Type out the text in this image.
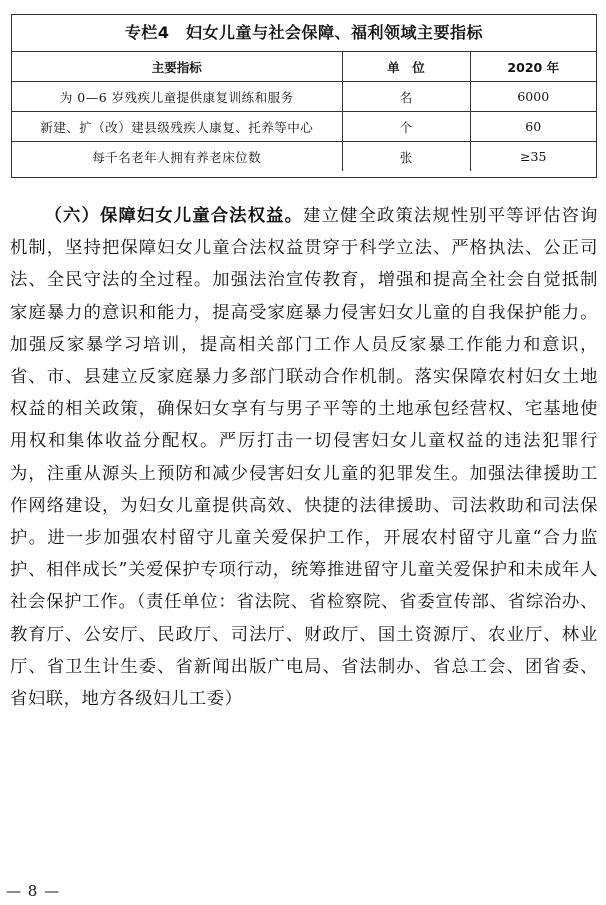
专栏4　妇女儿童与社会保障、福利领域主要指标
主要指标	单　位	2020 年
为 0—6 岁残疾儿童提供康复训练和服务	名	6000
新建、扩（改）建县级残疾人康复、托养等中心	个	60
每千名老年人拥有养老床位数	张	≥35

（六）保障妇女儿童合法权益。建立健全政策法规性别平等评估咨询机制，坚持把保障妇女儿童合法权益贯穿于科学立法、严格执法、公正司法、全民守法的全过程。加强法治宣传教育，增强和提高全社会自觉抵制家庭暴力的意识和能力，提高受家庭暴力侵害妇女儿童的自我保护能力。加强反家暴学习培训，提高相关部门工作人员反家暴工作能力和意识，省、市、县建立反家庭暴力多部门联动合作机制。落实保障农村妇女土地权益的相关政策，确保妇女享有与男子平等的土地承包经营权、宅基地使用权和集体收益分配权。严厉打击一切侵害妇女儿童权益的违法犯罪行为，注重从源头上预防和减少侵害妇女儿童的犯罪发生。加强法律援助工作网络建设，为妇女儿童提供高效、快捷的法律援助、司法救助和司法保护。进一步加强农村留守儿童关爱保护工作，开展农村留守儿童“合力监护、相伴成长”关爱保护专项行动，统筹推进留守儿童关爱保护和未成年人社会保护工作。（责任单位：省法院、省检察院、省委宣传部、省综治办、教育厅、公安厅、民政厅、司法厅、财政厅、国土资源厅、农业厅、林业厅、省卫生计生委、省新闻出版广电局、省法制办、省总工会、团省委、省妇联，地方各级妇儿工委）

— 8 —
